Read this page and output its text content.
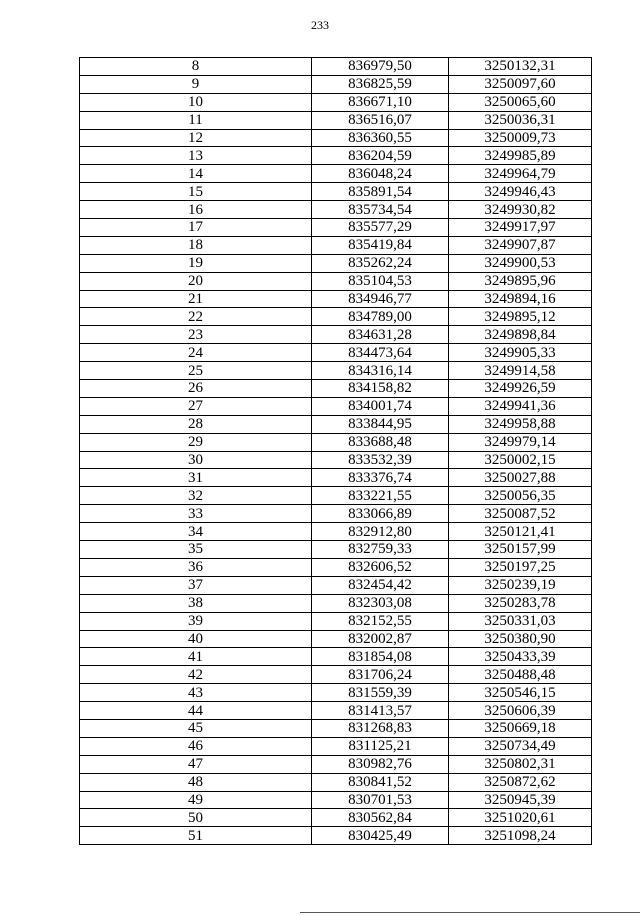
233
8	836979,50	3250132,31
9	836825,59	3250097,60
10	836671,10	3250065,60
11	836516,07	3250036,31
12	836360,55	3250009,73
13	836204,59	3249985,89
14	836048,24	3249964,79
15	835891,54	3249946,43
16	835734,54	3249930,82
17	835577,29	3249917,97
18	835419,84	3249907,87
19	835262,24	3249900,53
20	835104,53	3249895,96
21	834946,77	3249894,16
22	834789,00	3249895,12
23	834631,28	3249898,84
24	834473,64	3249905,33
25	834316,14	3249914,58
26	834158,82	3249926,59
27	834001,74	3249941,36
28	833844,95	3249958,88
29	833688,48	3249979,14
30	833532,39	3250002,15
31	833376,74	3250027,88
32	833221,55	3250056,35
33	833066,89	3250087,52
34	832912,80	3250121,41
35	832759,33	3250157,99
36	832606,52	3250197,25
37	832454,42	3250239,19
38	832303,08	3250283,78
39	832152,55	3250331,03
40	832002,87	3250380,90
41	831854,08	3250433,39
42	831706,24	3250488,48
43	831559,39	3250546,15
44	831413,57	3250606,39
45	831268,83	3250669,18
46	831125,21	3250734,49
47	830982,76	3250802,31
48	830841,52	3250872,62
49	830701,53	3250945,39
50	830562,84	3251020,61
51	830425,49	3251098,24
